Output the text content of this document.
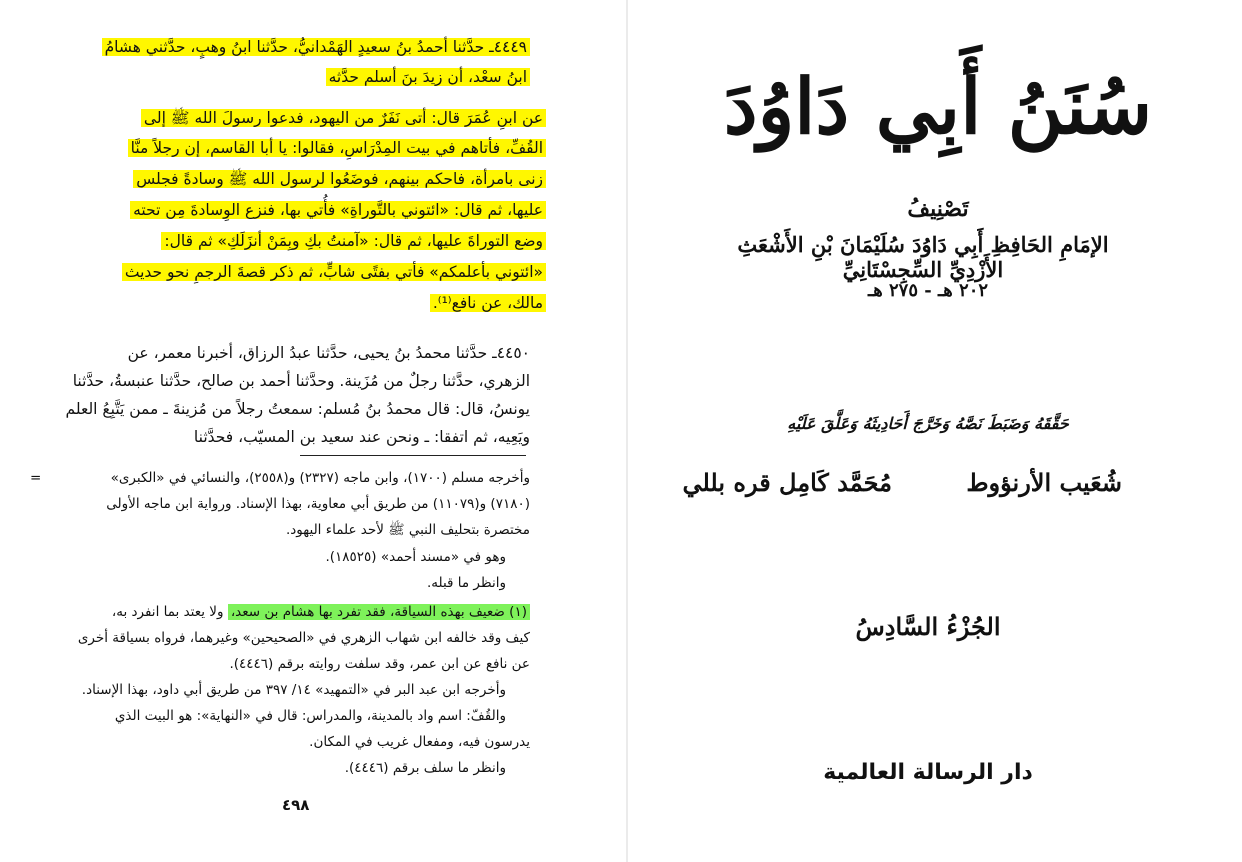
٤٤٤٩ـ حدَّثنا أحمدُ بنُ سعيدٍ الهَمْدانيُّ، حدَّثنا ابنُ وهبٍ، حدَّثني هشامُ
ابنُ سعْد، أن زيدَ بنَ أسلم حدَّثه
عن ابنِ عُمَرَ قال: أتى نَفَرٌ من اليهود، فدعوا رسولَ الله ﷺ إلى
القُفِّ، فأتاهم في بيت المِدْرَاسِ، فقالوا: يا أبا القاسم، إن رجلاً منَّا
زنى بامرأة، فاحكم بينهم، فوضَعُوا لرسول الله ﷺ وسادةً فجلس
عليها، ثم قال: «ائتوني بالتَّوراةِ» فأُتي بها، فنزع الوِسادةَ مِن تحته
وضع التوراةَ عليها، ثم قال: «آمنتُ بكِ وبِمَنْ أنزَلَكِ» ثم قال:
«ائتوني بأعلمكم» فأتي بفتًى شابٍّ، ثم ذكر قصةَ الرجمِ نحو حديث
مالك، عن نافع⁽¹⁾.
٤٤٥٠ـ حدَّثنا محمدُ بنُ يحيى، حدَّثنا عبدُ الرزاق، أخبرنا معمر، عن
الزهري، حدَّثنا رجلٌ من مُزَينة. وحدَّثنا أحمد بن صالح، حدَّثنا عنبسةُ، حدَّثنا
يونسُ، قال: قال محمدُ بنُ مُسلم: سمعتُ رجلاً من مُزينةَ ـ ممن يَتَّبِعُ العلم
ويَعِيه، ثم اتفقا: ـ ونحن عند سعيد بن المسيّب، فحدَّثنا
=	وأخرجه مسلم (١٧٠٠)، وابن ماجه (٢٣٢٧) و(٢٥٥٨)، والنسائي في «الكبرى»
(٧١٨٠) و(١١٠٧٩) من طريق أبي معاوية، بهذا الإسناد. ورواية ابن ماجه الأولى
مختصرة بتحليف النبي ﷺ لأحد علماء اليهود.
وهو في «مسند أحمد» (١٨٥٢٥).
وانظر ما قبله.
(١) ضعيف بهذه السياقة، فقد تفرد بها هشام بن سعد، ولا يعتد بما انفرد به،
كيف وقد خالفه ابن شهاب الزهري في «الصحيحين» وغيرهما، فرواه بسياقة أخرى
عن نافع عن ابن عمر، وقد سلفت روايته برقم (٤٤٤٦).
وأخرجه ابن عبد البر في «التمهيد» ١٤/ ٣٩٧ من طريق أبي داود، بهذا الإسناد.
والقُفّ: اسم واد بالمدينة، والمدراس: قال في «النهاية»: هو البيت الذي
يدرسون فيه، ومفعال غريب في المكان.
وانظر ما سلف برقم (٤٤٤٦).
٤٩٨
سُنَنُ أَبِي دَاوُدَ
تَصْنِيفُ
الإمَامِ الحَافِظِ أَبِي دَاوُدَ سُلَيْمَانَ بْنِ الأَشْعَثِ الأَزْدِيِّ السِّجِسْتَانِيِّ
٢٠٢ هـ - ٢٧٥ هـ
حَقَّقَهُ وَضَبَطَ نَصَّهُ وَخَرَّجَ أَحَادِيثَهُ وَعَلَّقَ عَلَيْهِ
شُعَيب الأرنؤوط
مُحَمَّد كَامِل قره بللي
الجُزْءُ السَّادِسُ
دار الرسالة العالمية
